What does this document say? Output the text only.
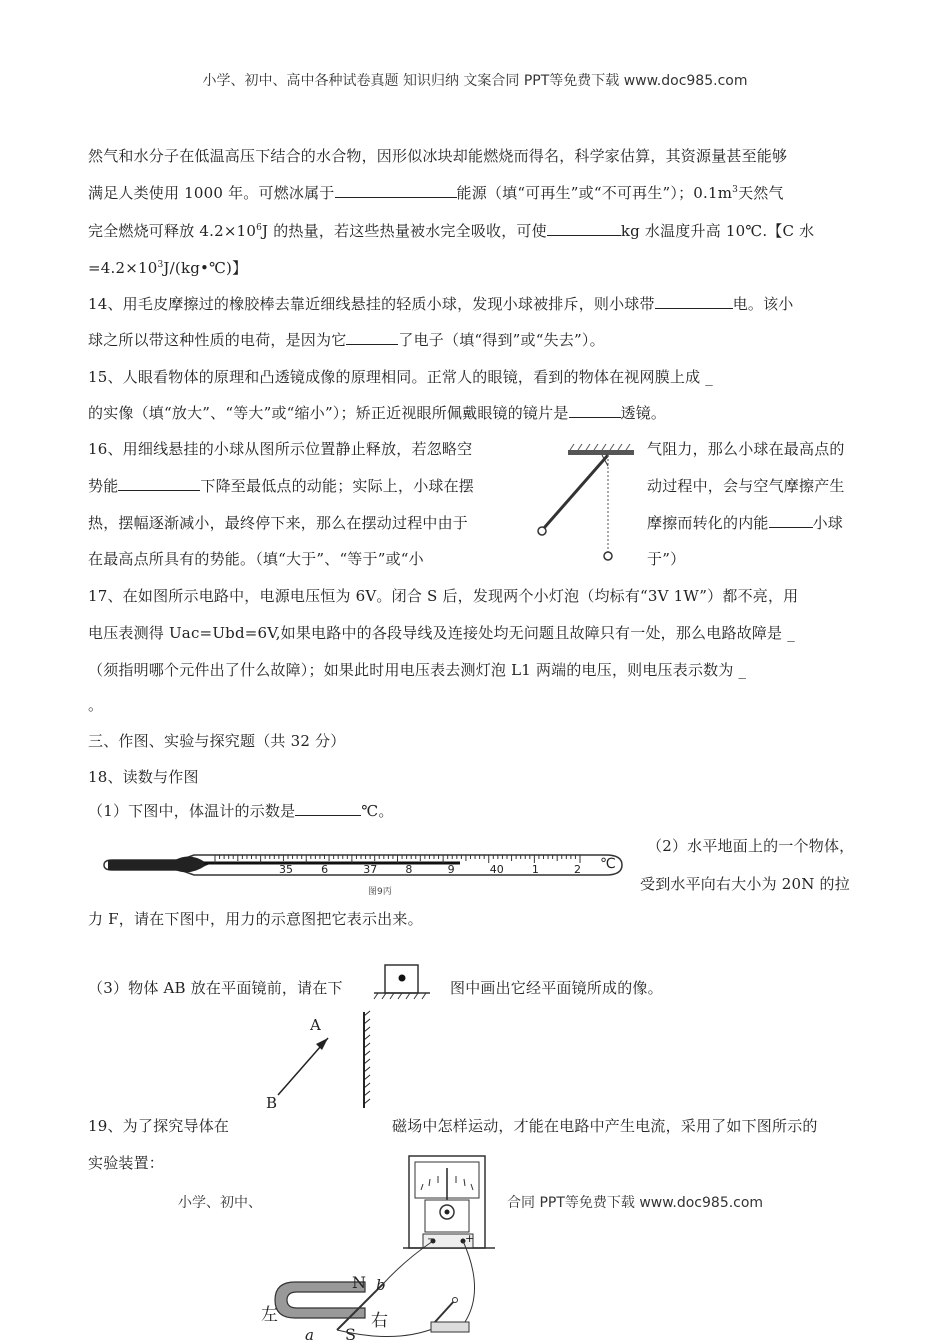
小学、初中、高中各种试卷真题 知识归纳 文案合同 PPT等免费下载 www.doc985.com
然气和水分子在低温高压下结合的水合物，因形似冰块却能燃烧而得名，科学家估算，其资源量甚至能够
满足人类使用 1000 年。可燃冰属于	能源（填“可再生”或“不可再生”）；$0.1m^3$天然气
完全燃烧可释放 $4.2\times 10^6J$ 的热量，若这些热量被水完全吸收，可使	kg 水温度升高 10℃.【C 水
$=4.2\times 10^3J/(kg•℃)$】
14、用毛皮摩擦过的橡胶棒去靠近细线悬挂的轻质小球，发现小球被排斥，则小球带	电。该小
球之所以带这种性质的电荷，是因为它	了电子（填“得到”或“失去”）。
15、人眼看物体的原理和凸透镜成像的原理相同。正常人的眼镜，看到的物体在视网膜上成 _
的实像（填“放大”、“等大”或“缩小”）；矫正近视眼所佩戴眼镜的镜片是	透镜。
16、用细线悬挂的小球从图所示位置静止释放，若忽略空	气阻力，那么小球在最高点的
势能	下降至最低点的动能；实际上，小球在摆	动过程中，会与空气摩擦产生
热，摆幅逐渐减小，最终停下来，那么在摆动过程中由于	摩擦而转化的内能	小球
在最高点所具有的势能。（填“大于”、“等于”或“小	于”）
17、在如图所示电路中，电源电压恒为 6V。闭合 S 后，发现两个小灯泡（均标有“3V 1W”）都不亮，用
电压表测得 Uac=Ubd=6V,如果电路中的各段导线及连接处均无问题且故障只有一处，那么电路故障是 _
（须指明哪个元件出了什么故障）；如果此时用电压表去测灯泡 L1 两端的电压，则电压表示数为 _
。
三、作图、实验与探究题（共 32 分）
18、读数与作图
（1）下图中，体温计的示数是	℃。
35	6	37	8	9	40	1	2 ℃
图9丙
（2）水平地面上的一个物体，
受到水平向右大小为 20N 的拉
力 F，请在下图中，用力的示意图把它表示出来。
（3）物体 AB 放在平面镜前，请在下	图中画出它经平面镜所成的像。
A
B
19、为了探究导体在	磁场中怎样运动，才能在电路中产生电流，采用了如下图所示的
实验装置：
小学、初中、	合同 PPT等免费下载 www.doc985.com
−	+
N
S
b
a
左	右
